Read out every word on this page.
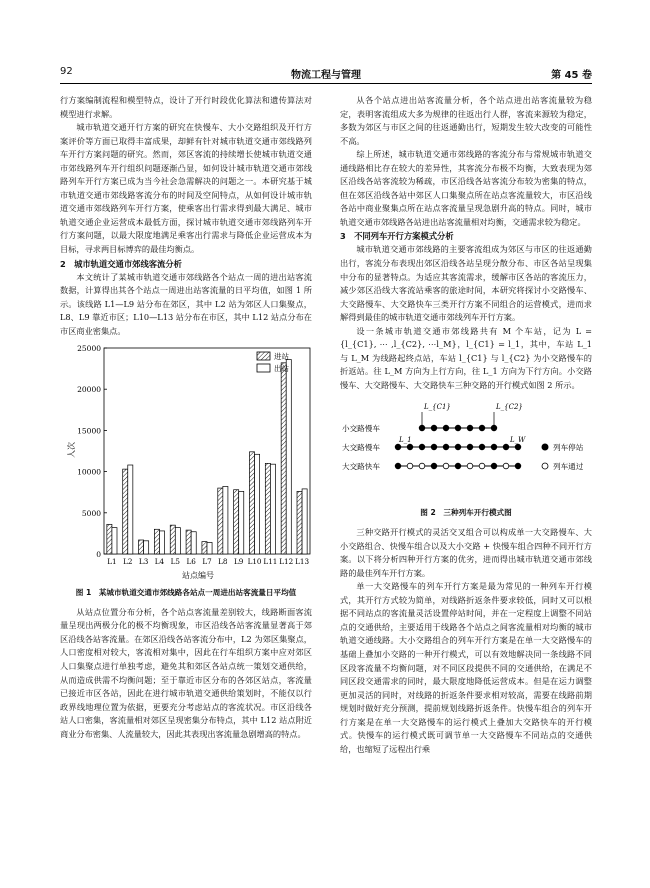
92	物流工程与管理	第 45 卷

行方案编制流程和模型特点，设计了开行时段优化算法和遗传算法对模型进行求解。

城市轨道交通开行方案的研究在快慢车、大小交路组织及开行方案评价等方面已取得丰富成果，却鲜有针对城市轨道交通市郊线路列车开行方案问题的研究。然而，郊区客流的持续增长使城市轨道交通市郊线路列车开行组织问题逐渐凸显，如何设计城市轨道交通市郊线路列车开行方案已成为当今社会急需解决的问题之一。本研究基于城市轨道交通市郊线路客流分布的时间及空间特点，从如何设计城市轨道交通市郊线路列车开行方案，使乘客出行需求得到最大满足、城市轨道交通企业运营成本最低方面，探讨城市轨道交通市郊线路列车开行方案问题，以最大限度地满足乘客出行需求与降低企业运营成本为目标，寻求两目标博弈的最佳均衡点。

2　城市轨道交通市郊线客流分析

本文统计了某城市轨道交通市郊线路各个站点一周的进出站客流数据，计算得出其各个站点一周进出站客流量的日平均值，如图 1 所示。该线路 L1—L9 站分布在郊区，其中 L2 站为郊区人口集聚点，L8、L9 靠近市区；L10—L13 站分布在市区，其中 L12 站点分布在市区商业密集点。

0
5000
10000
15000
20000
25000
L1 L2 L3 L4 L5 L6 L7 L8 L9 L10 L11 L12 L13
人次
站点编号
进站
出站
图 1　某城市轨道交通市郊线路各站点一周进出站客流量日平均值

从站点位置分布分析，各个站点客流量差别较大，线路断面客流量呈现出两极分化的极不均衡现象，市区沿线各站客流量显著高于郊区沿线各站客流量。在郊区沿线各站客流分布中，L2 为郊区集聚点，人口密度相对较大，客流相对集中，因此在行车组织方案中应对郊区人口集聚点进行单独考虑，避免其和郊区各站点统一策划交通供给，从而造成供需不均衡问题；至于靠近市区分布的各郊区站点，客流量已接近市区各站，因此在进行城市轨道交通供给策划时，不能仅以行政界线地理位置为依据，更要充分考虑站点的客流状况。市区沿线各站人口密集，客流量相对郊区呈现密集分布特点，其中 L12 站点附近商业分布密集、人流量较大，因此其表现出客流量急剧增高的特点。

从各个站点进出站客流量分析，各个站点进出站客流量较为稳定，表明客流组成大多为规律的往返出行人群，客流来源较为稳定，多数为郊区与市区之间的往返通勤出行，短期发生较大改变的可能性不高。

综上所述，城市轨道交通市郊线路的客流分布与常规城市轨道交通线路相比存在较大的差异性，其客流分布极不均衡，大致表现为郊区沿线各站客流较为稀疏，市区沿线各站客流分布较为密集的特点，但在郊区沿线各站中郊区人口集聚点所在站点客流量较大，市区沿线各站中商业聚集点所在站点客流量呈现急剧升高的特点。同时，城市轨道交通市郊线路各站进出站客流量相对均衡，交通需求较为稳定。

3　不同列车开行方案模式分析

城市轨道交通市郊线路的主要客流组成为郊区与市区的往返通勤出行，客流分布表现出郊区沿线各站呈现分散分布、市区各站呈现集中分布的显著特点。为适应其客流需求，缓解市区各站的客流压力，减少郊区沿线大客流站乘客的旅途时间，本研究将探讨小交路慢车、大交路慢车、大交路快车三类开行方案不同组合的运营模式，进而求解得到最佳的城市轨道交通市郊线列车开行方案。

设一条城市轨道交通市郊线路共有 M 个车站，记为 L = {l_{C1}, ⋯ ,l_{C2}, ⋯l_M}，l_{C1} = l_1，其中，车站 L_1 与 L_M 为线路起终点站，车站 l_{C1} 与 l_{C2} 为小交路慢车的折返站。往 L_M 方向为上行方向，往 L_1 方向为下行方向。小交路慢车、大交路慢车、大交路快车三种交路的开行模式如图 2 所示。

小交路慢车
大交路慢车
大交路快车
L_{C1}	L_{C2}
L_1	L_W
列车停站
列车通过
图 2　三种列车开行模式图

三种交路开行模式的灵活交叉组合可以构成单一大交路慢车、大小交路组合、快慢车组合以及大小交路 + 快慢车组合四种不同开行方案。以下将分析四种开行方案的优劣，进而得出城市轨道交通市郊线路的最佳列车开行方案。

单一大交路慢车的列车开行方案是最为常见的一种列车开行模式，其开行方式较为简单，对线路折返条件要求较低，同时又可以根据不同站点的客流量灵活设置停站时间，并在一定程度上调整不同站点的交通供给，主要适用于线路各个站点之间客流量相对均衡的城市轨道交通线路。大小交路组合的列车开行方案是在单一大交路慢车的基础上叠加小交路的一种开行模式，可以有效地解决同一条线路不同区段客流量不均衡问题，对不同区段提供不同的交通供给，在满足不同区段交通需求的同时，最大限度地降低运营成本。但是在运力调整更加灵活的同时，对线路的折返条件要求相对较高，需要在线路前期规划时做好充分预测，提前规划线路折返条件。快慢车组合的列车开行方案是在单一大交路慢车的运行模式上叠加大交路快车的开行模式。快慢车的运行模式既可调节单一大交路慢车不同站点的交通供给，也缩短了远程出行乘
